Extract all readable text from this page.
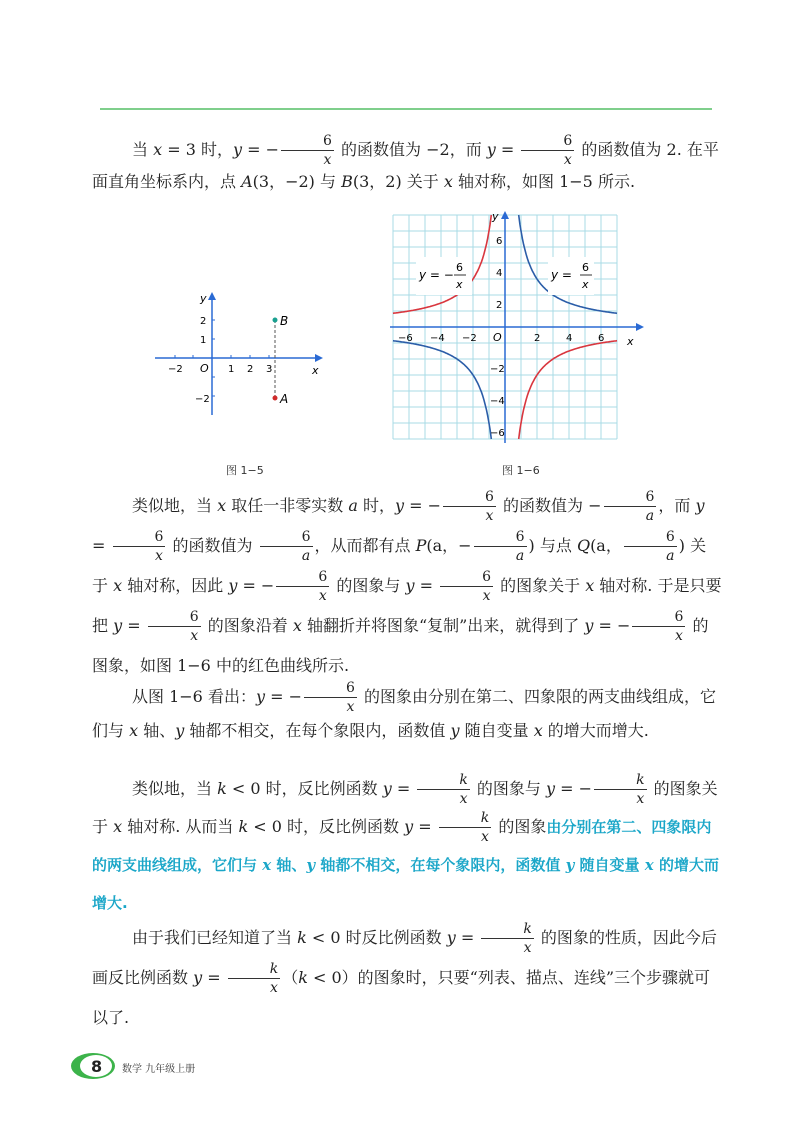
当 x = 3 时，y = − $\frac{6}{x}$ 的函数值为 −2，而 $y = \frac{6}{x}$ 的函数值为 2. 在平面直角坐标系内，点 A(3，−2) 与 B(3，2) 关于 x 轴对称，如图 1−5 所示.
B
A
x
y
O
−2	1 2 3
2
1
−2
图 1−5
x
y
O
−6 −4 −2	2	4	6
6
4
2
−2
−4
−6
y = −
6
x
y =
6
x
图 1−6
类似地，当 x 取任一非零实数 a 时，y = − $\frac{6}{x}$ 的函数值为 − $\frac{6}{a}$ ，而 $y = \frac{6}{x}$ 的函数值为 $\frac{6}{a}$ ，从而都有点 P(a，− $\frac{6}{a}$ ) 与点 Q(a， $\frac{6}{a}$ ) 关于 x 轴对称，因此 y = − $\frac{6}{x}$ 的图象与 $y = \frac{6}{x}$ 的图象关于 x 轴对称. 于是只要把 $y = \frac{6}{x}$ 的图象沿着 x 轴翻折并将图象“复制”出来，就得到了 y = − $\frac{6}{x}$ 的图象，如图 1−6 中的红色曲线所示.
从图 1−6 看出：y = − $\frac{6}{x}$ 的图象由分别在第二、四象限的两支曲线组成，它们与 x 轴、y 轴都不相交，在每个象限内，函数值 y 随自变量 x 的增大而增大.
类似地，当 k < 0 时，反比例函数 $y = \frac{k}{x}$ 的图象与 y = − $\frac{k}{x}$ 的图象关于 x 轴对称. 从而当 k < 0 时，反比例函数 $y = \frac{k}{x}$ 的图象由分别在第二、四象限内的两支曲线组成，它们与 x 轴、y 轴都不相交，在每个象限内，函数值 y 随自变量 x 的增大而增大.
由于我们已经知道了当 k < 0 时反比例函数 $y = \frac{k}{x}$ 的图象的性质，因此今后画反比例函数 $y = \frac{k}{x} (k < 0)$的图象时，只要“列表、描点、连线”三个步骤就可以了.
8 数学 九年级上册
